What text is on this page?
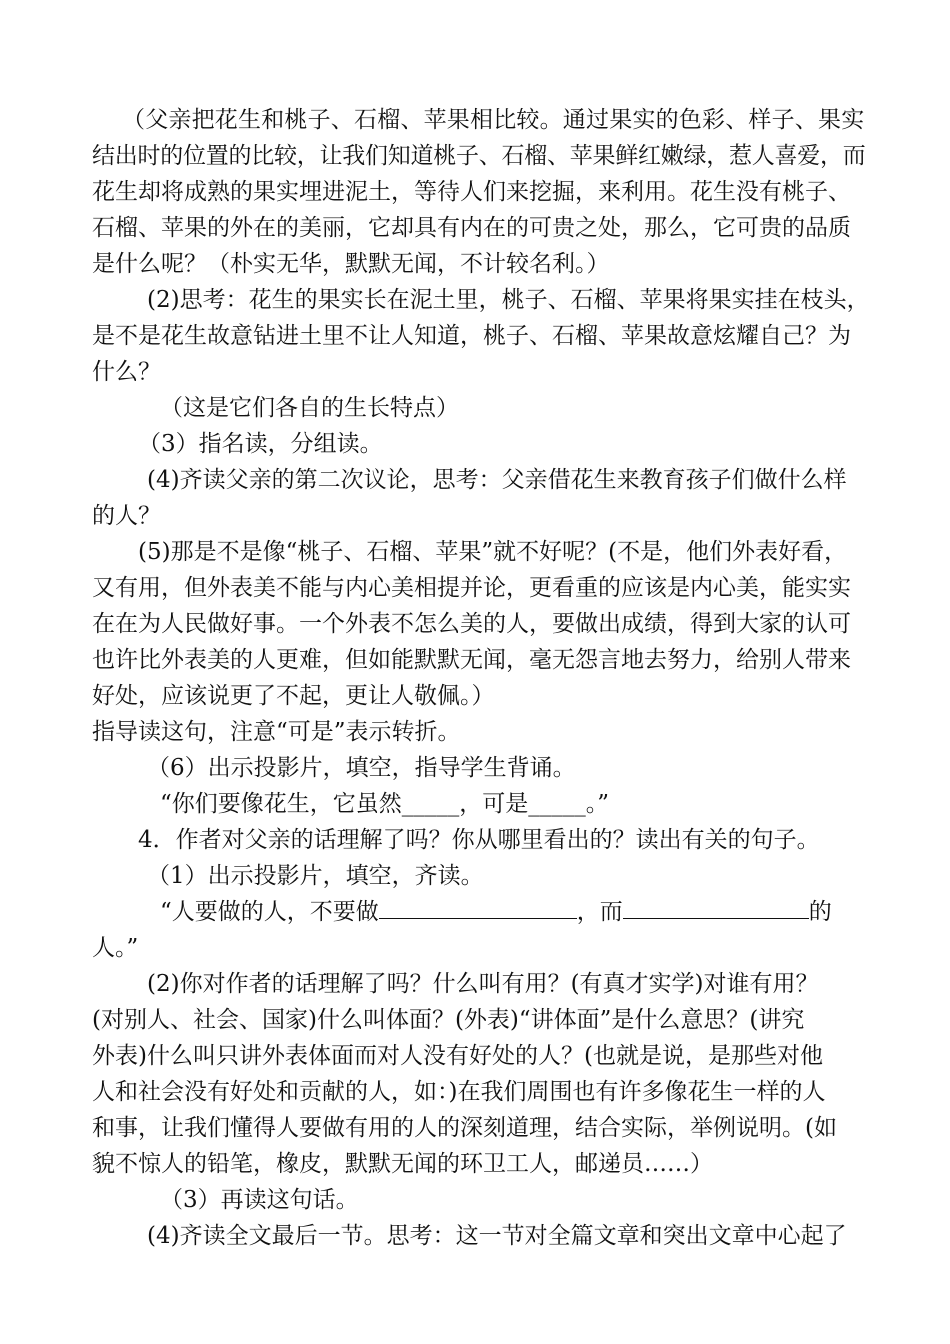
（父亲把花生和桃子、石榴、苹果相比较。通过果实的色彩、样子、果实

结出时的位置的比较，让我们知道桃子、石榴、苹果鲜红嫩绿，惹人喜爱，而

花生却将成熟的果实埋进泥土，等待人们来挖掘，来利用。花生没有桃子、

石榴、苹果的外在的美丽，它却具有内在的可贵之处，那么，它可贵的品质

是什么呢？（朴实无华，默默无闻，不计较名利。）

(2)思考：花生的果实长在泥土里，桃子、石榴、苹果将果实挂在枝头，

是不是花生故意钻进土里不让人知道，桃子、石榴、苹果故意炫耀自己？为

什么？

（这是它们各自的生长特点）

（3）指名读，分组读。

(4)齐读父亲的第二次议论，思考：父亲借花生来教育孩子们做什么样

的人？

(5)那是不是像“桃子、石榴、苹果”就不好呢？(不是，他们外表好看，

又有用，但外表美不能与内心美相提并论，更看重的应该是内心美，能实实

在在为人民做好事。一个外表不怎么美的人，要做出成绩，得到大家的认可

也许比外表美的人更难，但如能默默无闻，毫无怨言地去努力，给别人带来

好处，应该说更了不起，更让人敬佩。）

指导读这句，注意“可是”表示转折。

（6）出示投影片，填空，指导学生背诵。

“你们要像花生，它虽然_____，可是_____。”

4．作者对父亲的话理解了吗？你从哪里看出的？读出有关的句子。

（1）出示投影片，填空，齐读。

“人要做的人，不要做	，而	的

人。”

(2)你对作者的话理解了吗？什么叫有用？(有真才实学)对谁有用？

(对别人、社会、国家)什么叫体面？(外表)“讲体面”是什么意思？(讲究

外表)什么叫只讲外表体面而对人没有好处的人？(也就是说，是那些对他

人和社会没有好处和贡献的人，如：)在我们周围也有许多像花生一样的人

和事，让我们懂得人要做有用的人的深刻道理，结合实际，举例说明。(如

貌不惊人的铅笔，橡皮，默默无闻的环卫工人，邮递员……）

（3）再读这句话。

(4)齐读全文最后一节。思考：这一节对全篇文章和突出文章中心起了
